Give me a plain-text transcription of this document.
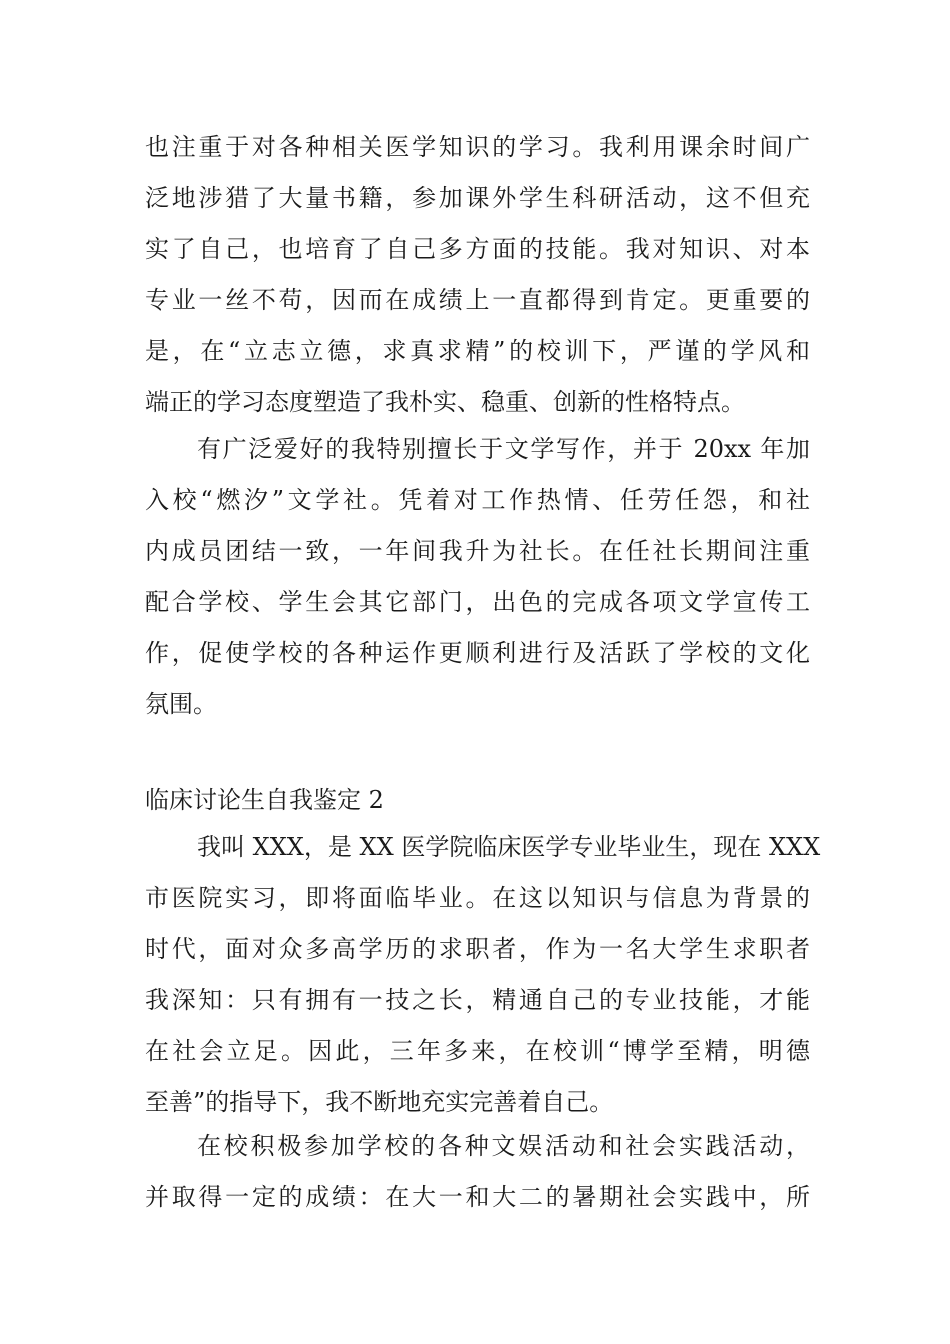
也注重于对各种相关医学知识的学习。我利用课余时间广
泛地涉猎了大量书籍，参加课外学生科研活动，这不但充
实了自己，也培育了自己多方面的技能。我对知识、对本
专业一丝不苟，因而在成绩上一直都得到肯定。更重要的
是，在“立志立德，求真求精”的校训下，严谨的学风和
端正的学习态度塑造了我朴实、稳重、创新的性格特点。
有广泛爱好的我特别擅长于文学写作，并于 20xx 年加
入校“燃汐”文学社。凭着对工作热情、任劳任怨，和社
内成员团结一致，一年间我升为社长。在任社长期间注重
配合学校、学生会其它部门，出色的完成各项文学宣传工
作，促使学校的各种运作更顺利进行及活跃了学校的文化
氛围。
临床讨论生自我鉴定 2
我叫 XXX，是 XX 医学院临床医学专业毕业生，现在 XXX
市医院实习，即将面临毕业。在这以知识与信息为背景的
时代，面对众多高学历的求职者，作为一名大学生求职者
我深知：只有拥有一技之长，精通自己的专业技能，才能
在社会立足。因此，三年多来，在校训“博学至精，明德
至善”的指导下，我不断地充实完善着自己。
在校积极参加学校的各种文娱活动和社会实践活动，
并取得一定的成绩：在大一和大二的暑期社会实践中，所
